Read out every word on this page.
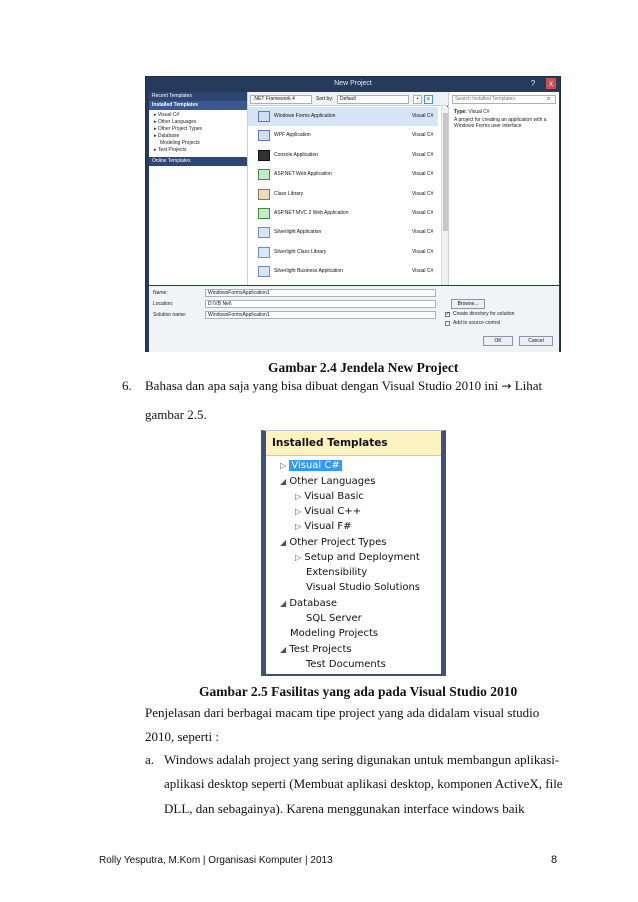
New Project	?	x
Recent Templates
Installed Templates
▸ Visual C#
▸ Other Languages
▸ Other Project Types
▸ Database
Modeling Projects
▸ Test Projects
Online Templates
.NET Framework 4	Sort by:	Default	▪	≡
Windows Forms Application	Visual C#
WPF Application	Visual C#
Console Application	Visual C#
ASP.NET Web Application	Visual C#
Class Library	Visual C#
ASP.NET MVC 2 Web Application	Visual C#
Silverlight Application	Visual C#
Silverlight Class Library	Visual C#
Silverlight Business Application	Visual C#
Search Installed Templates	⌕
Type: Visual C#
A project for creating an application with a
Windows Forms user interface
Name:	WindowsFormsApplication1
Location:	D:\VB Net\	Browse...
Solution name:	WindowsFormsApplication1	✓ Create directory for solution
Add to source control
OK	Cancel
Gambar 2.4 Jendela New Project
6. Bahasa dan apa saja yang bisa dibuat dengan Visual Studio 2010 ini → Lihat
gambar 2.5.
Installed Templates
▷ Visual C#
◢ Other Languages
▷ Visual Basic
▷ Visual C++
▷ Visual F#
◢ Other Project Types
▷ Setup and Deployment
Extensibility
Visual Studio Solutions
◢ Database
SQL Server
Modeling Projects
◢ Test Projects
Test Documents
Gambar 2.5 Fasilitas yang ada pada Visual Studio 2010
Penjelasan dari berbagai macam tipe project yang ada didalam visual studio
2010, seperti :
a. Windows adalah project yang sering digunakan untuk membangun aplikasi-
aplikasi desktop seperti (Membuat aplikasi desktop, komponen ActiveX, file
DLL, dan sebagainya). Karena menggunakan interface windows baik
Rolly Yesputra, M.Kom | Organisasi Komputer | 2013	8
